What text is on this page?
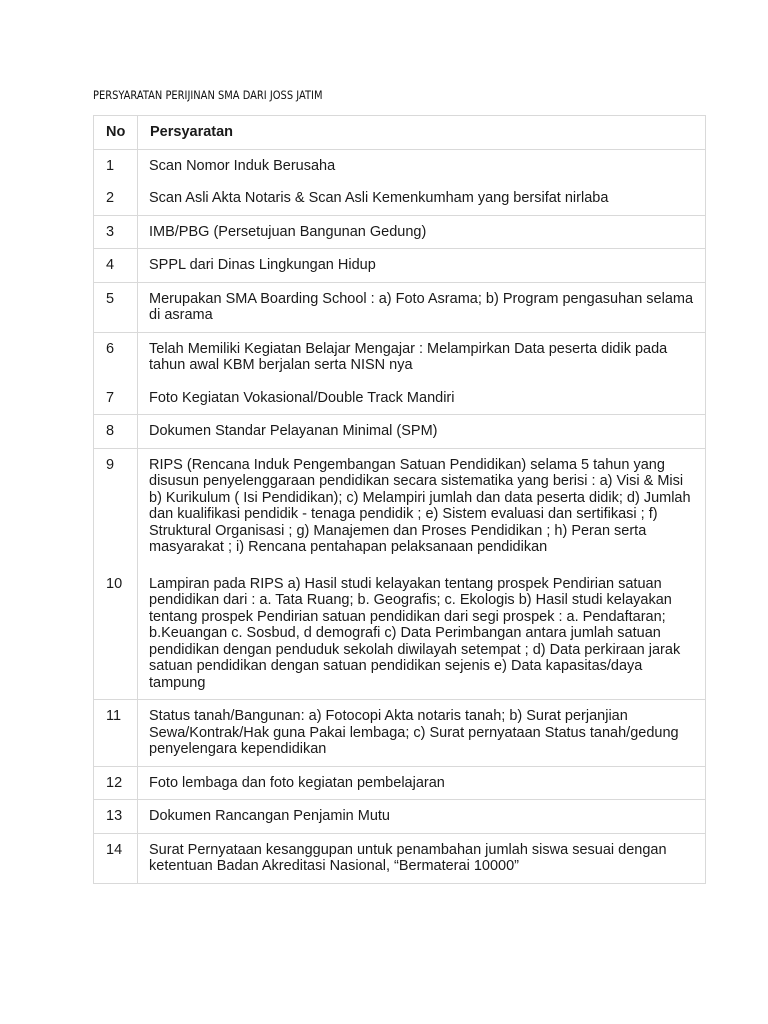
PERSYARATAN PERIJINAN SMA DARI JOSS JATIM
No	Persyaratan
1	Scan Nomor Induk Berusaha
2	Scan Asli Akta Notaris & Scan Asli Kemenkumham yang bersifat nirlaba
3	IMB/PBG (Persetujuan Bangunan Gedung)
4	SPPL dari Dinas Lingkungan Hidup
5	Merupakan SMA Boarding School : a) Foto Asrama; b) Program pengasuhan selama di asrama
6	Telah Memiliki Kegiatan Belajar Mengajar : Melampirkan Data peserta didik pada tahun awal KBM berjalan serta NISN nya
7	Foto Kegiatan Vokasional/Double Track Mandiri
8	Dokumen Standar Pelayanan Minimal (SPM)
9	RIPS (Rencana Induk Pengembangan Satuan Pendidikan) selama 5 tahun yang disusun penyelenggaraan pendidikan secara sistematika yang berisi : a) Visi & Misi b) Kurikulum ( Isi Pendidikan); c) Melampiri jumlah dan data peserta didik; d) Jumlah dan kualifikasi pendidik - tenaga pendidik ; e) Sistem evaluasi dan sertifikasi ; f) Struktural Organisasi ; g) Manajemen dan Proses Pendidikan ; h) Peran serta masyarakat ; i) Rencana pentahapan pelaksanaan pendidikan
10	Lampiran pada RIPS a) Hasil studi kelayakan tentang prospek Pendirian satuan pendidikan dari : a. Tata Ruang; b. Geografis; c. Ekologis b) Hasil studi kelayakan tentang prospek Pendirian satuan pendidikan dari segi prospek : a. Pendaftaran; b.Keuangan c. Sosbud, d demografi c) Data Perimbangan antara jumlah satuan pendidikan dengan penduduk sekolah diwilayah setempat ; d) Data perkiraan jarak satuan pendidikan dengan satuan pendidikan sejenis e) Data kapasitas/daya tampung
11	Status tanah/Bangunan: a) Fotocopi Akta notaris tanah; b) Surat perjanjian Sewa/Kontrak/Hak guna Pakai lembaga; c) Surat pernyataan Status tanah/gedung penyelengara kependidikan
12	Foto lembaga dan foto kegiatan pembelajaran
13	Dokumen Rancangan Penjamin Mutu
14	Surat Pernyataan kesanggupan untuk penambahan jumlah siswa sesuai dengan ketentuan Badan Akreditasi Nasional, “Bermaterai 10000”
